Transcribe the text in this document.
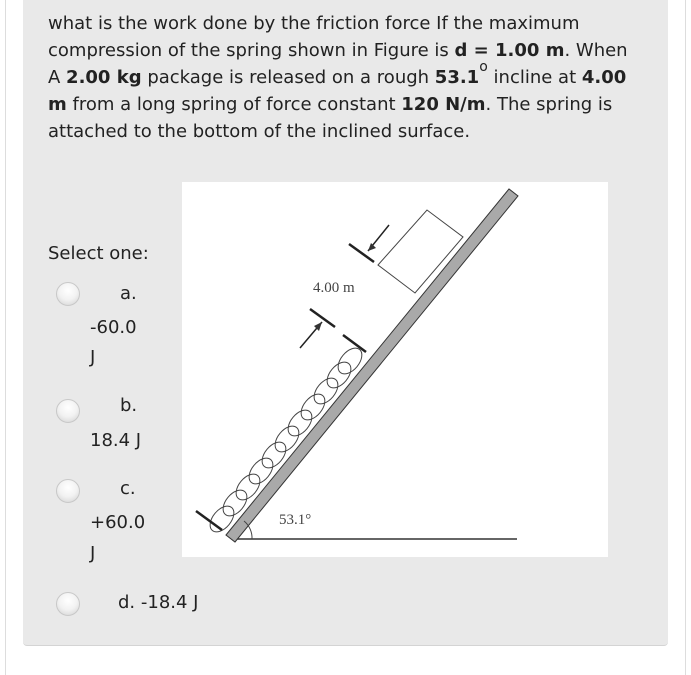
what is the work done by the friction force If the maximum compression of the spring shown in Figure is d = 1.00 m. When A 2.00 kg package is released on a rough 53.1$^o$ incline at 4.00 m from a long spring of force constant 120 N/m. The spring is attached to the bottom of the inclined surface.

4.00 m
53.1°
Select one:
a.
-60.0
J
b.
18.4 J
c.
+60.0
J
d. -18.4 J
